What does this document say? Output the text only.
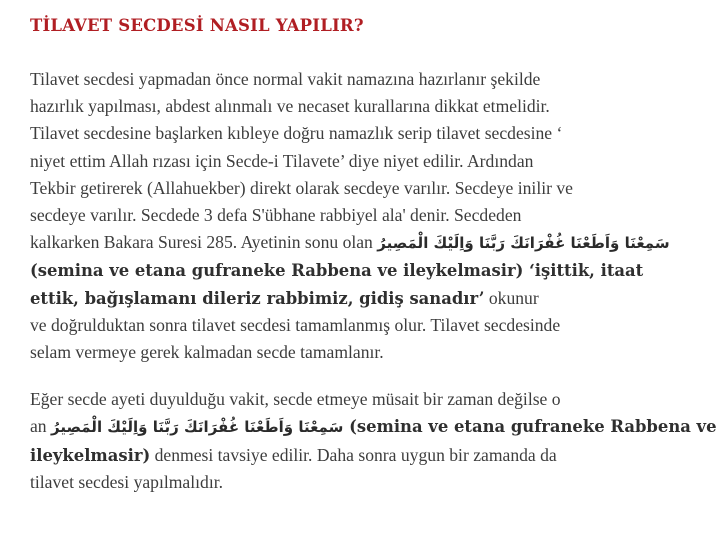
TİLAVET SECDESİ NASIL YAPILIR?

Tilavet secdesi yapmadan önce normal vakit namazına hazırlanır şekilde
hazırlık yapılması, abdest alınmalı ve necaset kurallarına dikkat etmelidir.
Tilavet secdesine başlarken kıbleye doğru namazlık serip tilavet secdesine ‘
niyet ettim Allah rızası için Secde-i Tilavete’ diye niyet edilir. Ardından
Tekbir getirerek (Allahuekber) direkt olarak secdeye varılır. Secdeye inilir ve
secdeye varılır. Secdede 3 defa S'übhane rabbiyel ala' denir. Secdeden
kalkarken Bakara Suresi 285. Ayetinin sonu olan سَمِعْنَا وَاَطَعْنَا غُفْرَانَكَ رَبَّنَا وَاِلَيْكَ الْمَصِيرُ
(semina ve etana gufraneke Rabbena ve ileykelmasir) ‘işittik, itaat
ettik, bağışlamanı dileriz rabbimiz, gidiş sanadır’ okunur
ve doğrulduktan sonra tilavet secdesi tamamlanmış olur. Tilavet secdesinde
selam vermeye gerek kalmadan secde tamamlanır.

Eğer secde ayeti duyulduğu vakit, secde etmeye müsait bir zaman değilse o
an سَمِعْنَا وَاَطَعْنَا غُفْرَانَكَ رَبَّنَا وَاِلَيْكَ الْمَصِيرُ (semina ve etana gufraneke Rabbena ve
ileykelmasir) denmesi tavsiye edilir. Daha sonra uygun bir zamanda da
tilavet secdesi yapılmalıdır.
